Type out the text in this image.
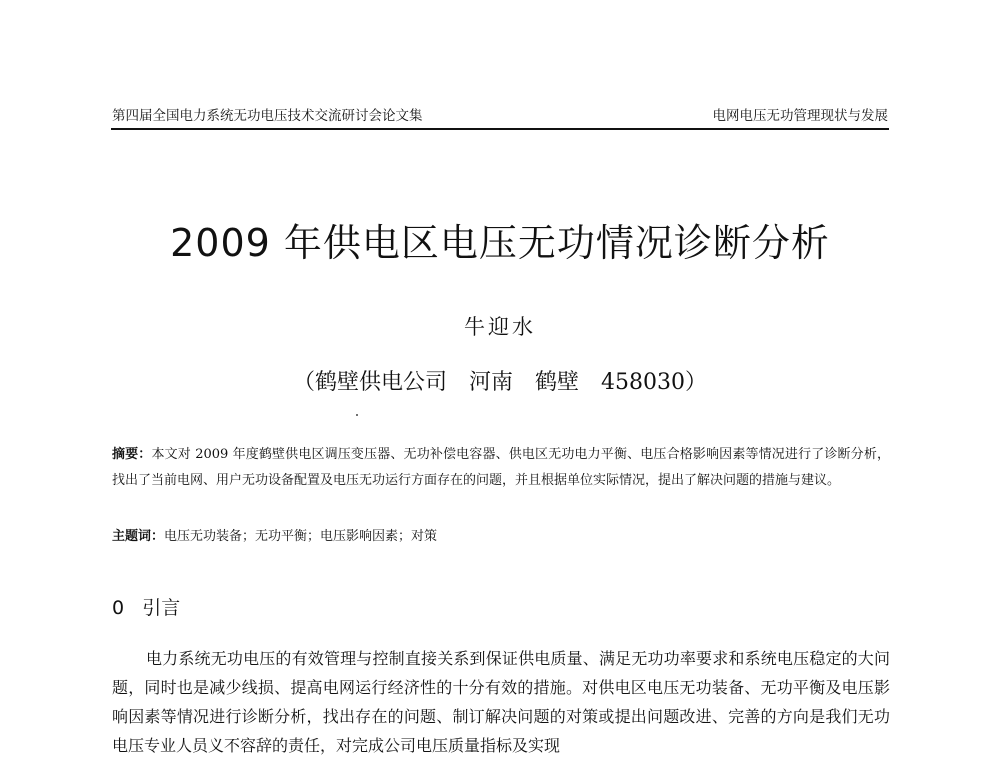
第四届全国电力系统无功电压技术交流研讨会论文集	电网电压无功管理现状与发展
2009 年供电区电压无功情况诊断分析
牛迎水
（鹤壁供电公司　河南　鹤壁　458030）
摘要：本文对 2009 年度鹤壁供电区调压变压器、无功补偿电容器、供电区无功电力平衡、电压合格影响因素等情况进行了诊断分析，找出了当前电网、用户无功设备配置及电压无功运行方面存在的问题，并且根据单位实际情况，提出了解决问题的措施与建议。
主题词：电压无功装备；无功平衡；电压影响因素；对策
0 引言
电力系统无功电压的有效管理与控制直接关系到保证供电质量、满足无功功率要求和系统电压稳定的大问题，同时也是减少线损、提高电网运行经济性的十分有效的措施。对供电区电压无功装备、无功平衡及电压影响因素等情况进行诊断分析，找出存在的问题、制订解决问题的对策或提出问题改进、完善的方向是我们无功电压专业人员义不容辞的责任，对完成公司电压质量指标及实现
